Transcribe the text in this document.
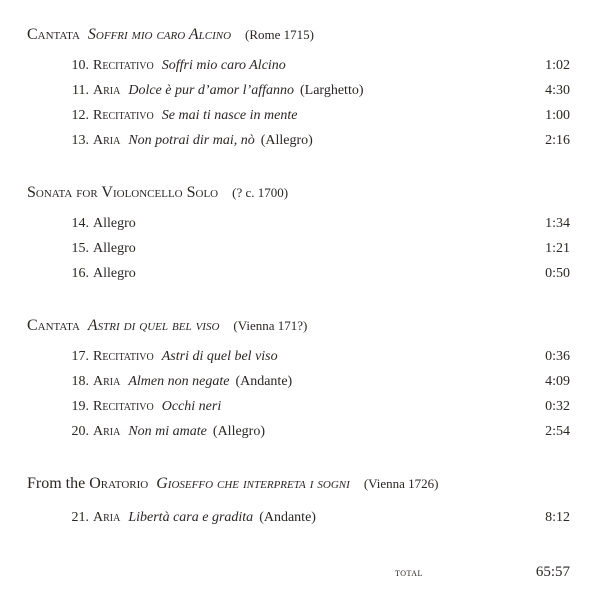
Cantata Soffri mio caro Alcino (Rome 1715)
10. Recitativo Soffri mio caro Alcino	1:02
11. Aria Dolce è pur d’amor l’affanno (Larghetto)	4:30
12. Recitativo Se mai ti nasce in mente	1:00
13. Aria Non potrai dir mai, nò (Allegro)	2:16
Sonata for Violoncello Solo (? c. 1700)
14. Allegro	1:34
15. Allegro	1:21
16. Allegro	0:50
Cantata Astri di quel bel viso (Vienna 171?)
17. Recitativo Astri di quel bel viso	0:36
18. Aria Almen non negate (Andante)	4:09
19. Recitativo Occhi neri	0:32
20. Aria Non mi amate (Allegro)	2:54
From the Oratorio Gioseffo che interpreta i sogni (Vienna 1726)
21. Aria Libertà cara e gradita (Andante)	8:12
total	65:57
